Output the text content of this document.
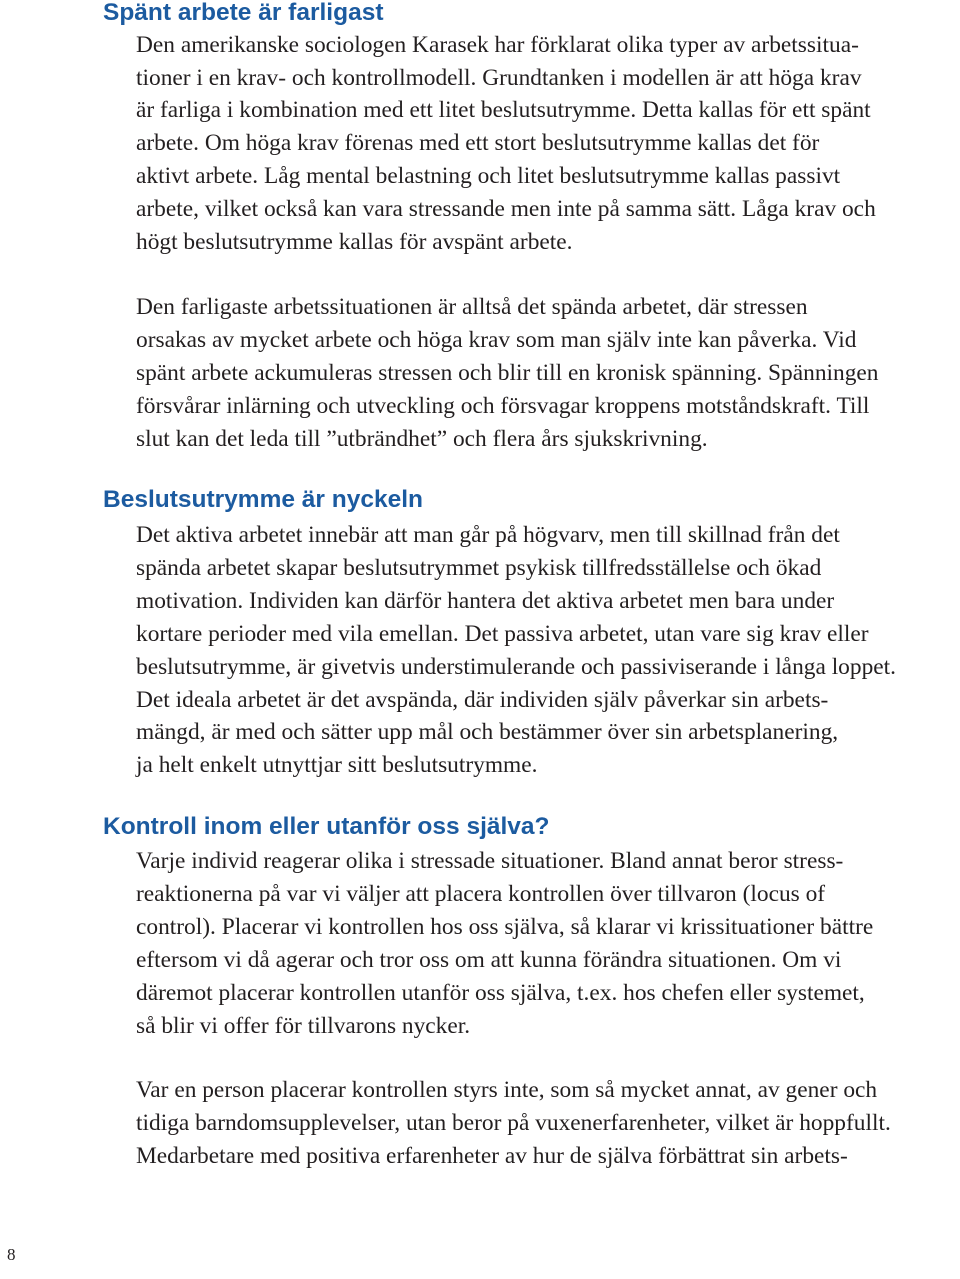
Spänt arbete är farligast

Den amerikanske sociologen Karasek har förklarat olika typer av arbetssitua-

tioner i en krav- och kontrollmodell. Grundtanken i modellen är att höga krav

är farliga i kombination med ett litet beslutsutrymme. Detta kallas för ett spänt

arbete. Om höga krav förenas med ett stort beslutsutrymme kallas det för

aktivt arbete. Låg mental belastning och litet beslutsutrymme kallas passivt

arbete, vilket också kan vara stressande men inte på samma sätt. Låga krav och

högt beslutsutrymme kallas för avspänt arbete.

Den farligaste arbetssituationen är alltså det spända arbetet, där stressen

orsakas av mycket arbete och höga krav som man själv inte kan påverka. Vid

spänt arbete ackumuleras stressen och blir till en kronisk spänning. Spänningen

försvårar inlärning och utveckling och försvagar kroppens motståndskraft. Till

slut kan det leda till ”utbrändhet” och flera års sjukskrivning.

Beslutsutrymme är nyckeln

Det aktiva arbetet innebär att man går på högvarv, men till skillnad från det

spända arbetet skapar beslutsutrymmet psykisk tillfredsställelse och ökad

motivation. Individen kan därför hantera det aktiva arbetet men bara under

kortare perioder med vila emellan. Det passiva arbetet, utan vare sig krav eller

beslutsutrymme, är givetvis understimulerande och passiviserande i långa loppet.

Det ideala arbetet är det avspända, där individen själv påverkar sin arbets-

mängd, är med och sätter upp mål och bestämmer över sin arbetsplanering,

ja helt enkelt utnyttjar sitt beslutsutrymme.

Kontroll inom eller utanför oss själva?

Varje individ reagerar olika i stressade situationer. Bland annat beror stress-

reaktionerna på var vi väljer att placera kontrollen över tillvaron (locus of

control). Placerar vi kontrollen hos oss själva, så klarar vi krissituationer bättre

eftersom vi då agerar och tror oss om att kunna förändra situationen. Om vi

däremot placerar kontrollen utanför oss själva, t.ex. hos chefen eller systemet,

så blir vi offer för tillvarons nycker.

Var en person placerar kontrollen styrs inte, som så mycket annat, av gener och

tidiga barndomsupplevelser, utan beror på vuxenerfarenheter, vilket är hoppfullt.

Medarbetare med positiva erfarenheter av hur de själva förbättrat sin arbets-

8
